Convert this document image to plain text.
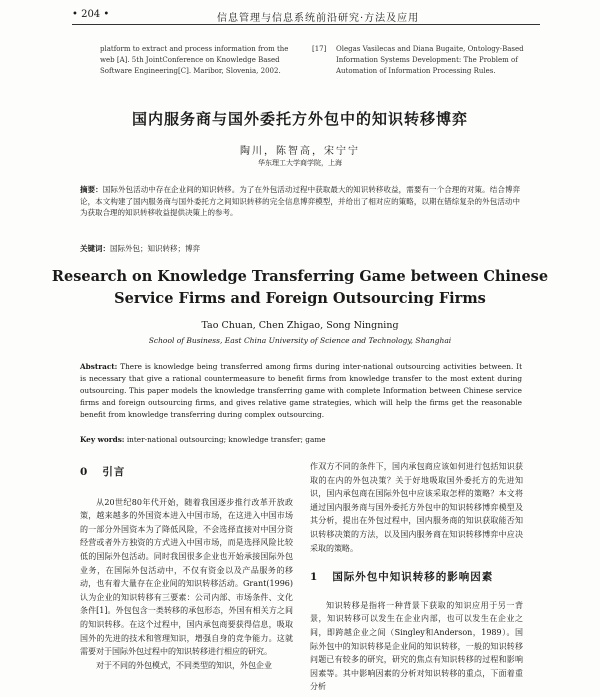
• 204 •	信息管理与信息系统前沿研究·方法及应用
platform to extract and process information from the web [A]. 5th JointConference on Knowledge Based Software Engineering[C]. Maribor, Slovenia, 2002.
[17] Olegas Vasilecas and Diana Bugaite, Ontology-Based Information Systems Development: The Problem of Automation of Information Processing Rules.
国内服务商与国外委托方外包中的知识转移博弈
陶川，陈智高，宋宁宁
华东理工大学商学院，上海
摘要：国际外包活动中存在企业间的知识转移。为了在外包活动过程中获取最大的知识转移收益，需要有一个合理的对策。结合博弈论，本文构建了国内服务商与国外委托方之间知识转移的完全信息博弈模型，并给出了相对应的策略，以期在错综复杂的外包活动中为获取合理的知识转移收益提供决策上的参考。
关键词：国际外包；知识转移；博弈
Research on Knowledge Transferring Game between Chinese
Service Firms and Foreign Outsourcing Firms
Tao Chuan, Chen Zhigao, Song Ningning
School of Business, East China University of Science and Technology, Shanghai
Abstract: There is knowledge being transferred among firms during inter-national outsourcing activities between. It is necessary that give a rational countermeasure to benefit firms from knowledge transfer to the most extent during outsourcing. This paper models the knowledge transferring game with complete Information between Chinese service firms and foreign outsourcing firms, and gives relative game strategies, which will help the firms get the reasonable benefit from knowledge transferring during complex outsourcing.
Key words: inter-national outsourcing; knowledge transfer; game
0 引言

从20世纪80年代开始，随着我国逐步推行改革开放政策，越来越多的外国资本进入中国市场，在这进入中国市场的一部分外国资本为了降低风险，不会选择直接对中国分资经营或者外方独资的方式进入中国市场，而是选择风险比较低的国际外包活动。同时我国很多企业也开始承接国际外包业务，在国际外包活动中，不仅有资金以及产品服务的移动，也有着大量存在企业间的知识转移活动。Grant(1996)认为企业的知识转移有三要素：公司内部、市场条件、文化条件[1]。外包包含一类转移的承包形态，外国有相关方之间的知识转移。在这个过程中，国内承包商要获得信息，吸取国外的先进的技术和管理知识，增强自身的竞争能力。这就需要对于国际外包过程中的知识转移进行相应的研究。

对于不同的外包模式，不同类型的知识，外包企业

作双方不同的条件下，国内承包商应该如何进行包括知识获取的在内的外包决策？关于好地吸取国外委托方的先进知识，国内承包商在国际外包中应该采取怎样的策略？本文将通过国内服务商与国外委托方外包中的知识转移博弈模型及其分析，提出在外包过程中，国内服务商的知识获取能否知识转移决策的方法，以及国内服务商在知识转移博弈中应决采取的策略。

1 国际外包中知识转移的影响因素

知识转移是指将一种背景下获取的知识应用于另一背景，知识转移可以发生在企业内部，也可以发生在企业之间，即跨越企业之间（Singley和Anderson，1989）。国际外包中的知识转移是企业间的知识转移，一般的知识转移问题已有较多的研究，研究的焦点有知识转移的过程和影响因素等。其中影响因素的分析对知识转移的重点，下面着重分析
